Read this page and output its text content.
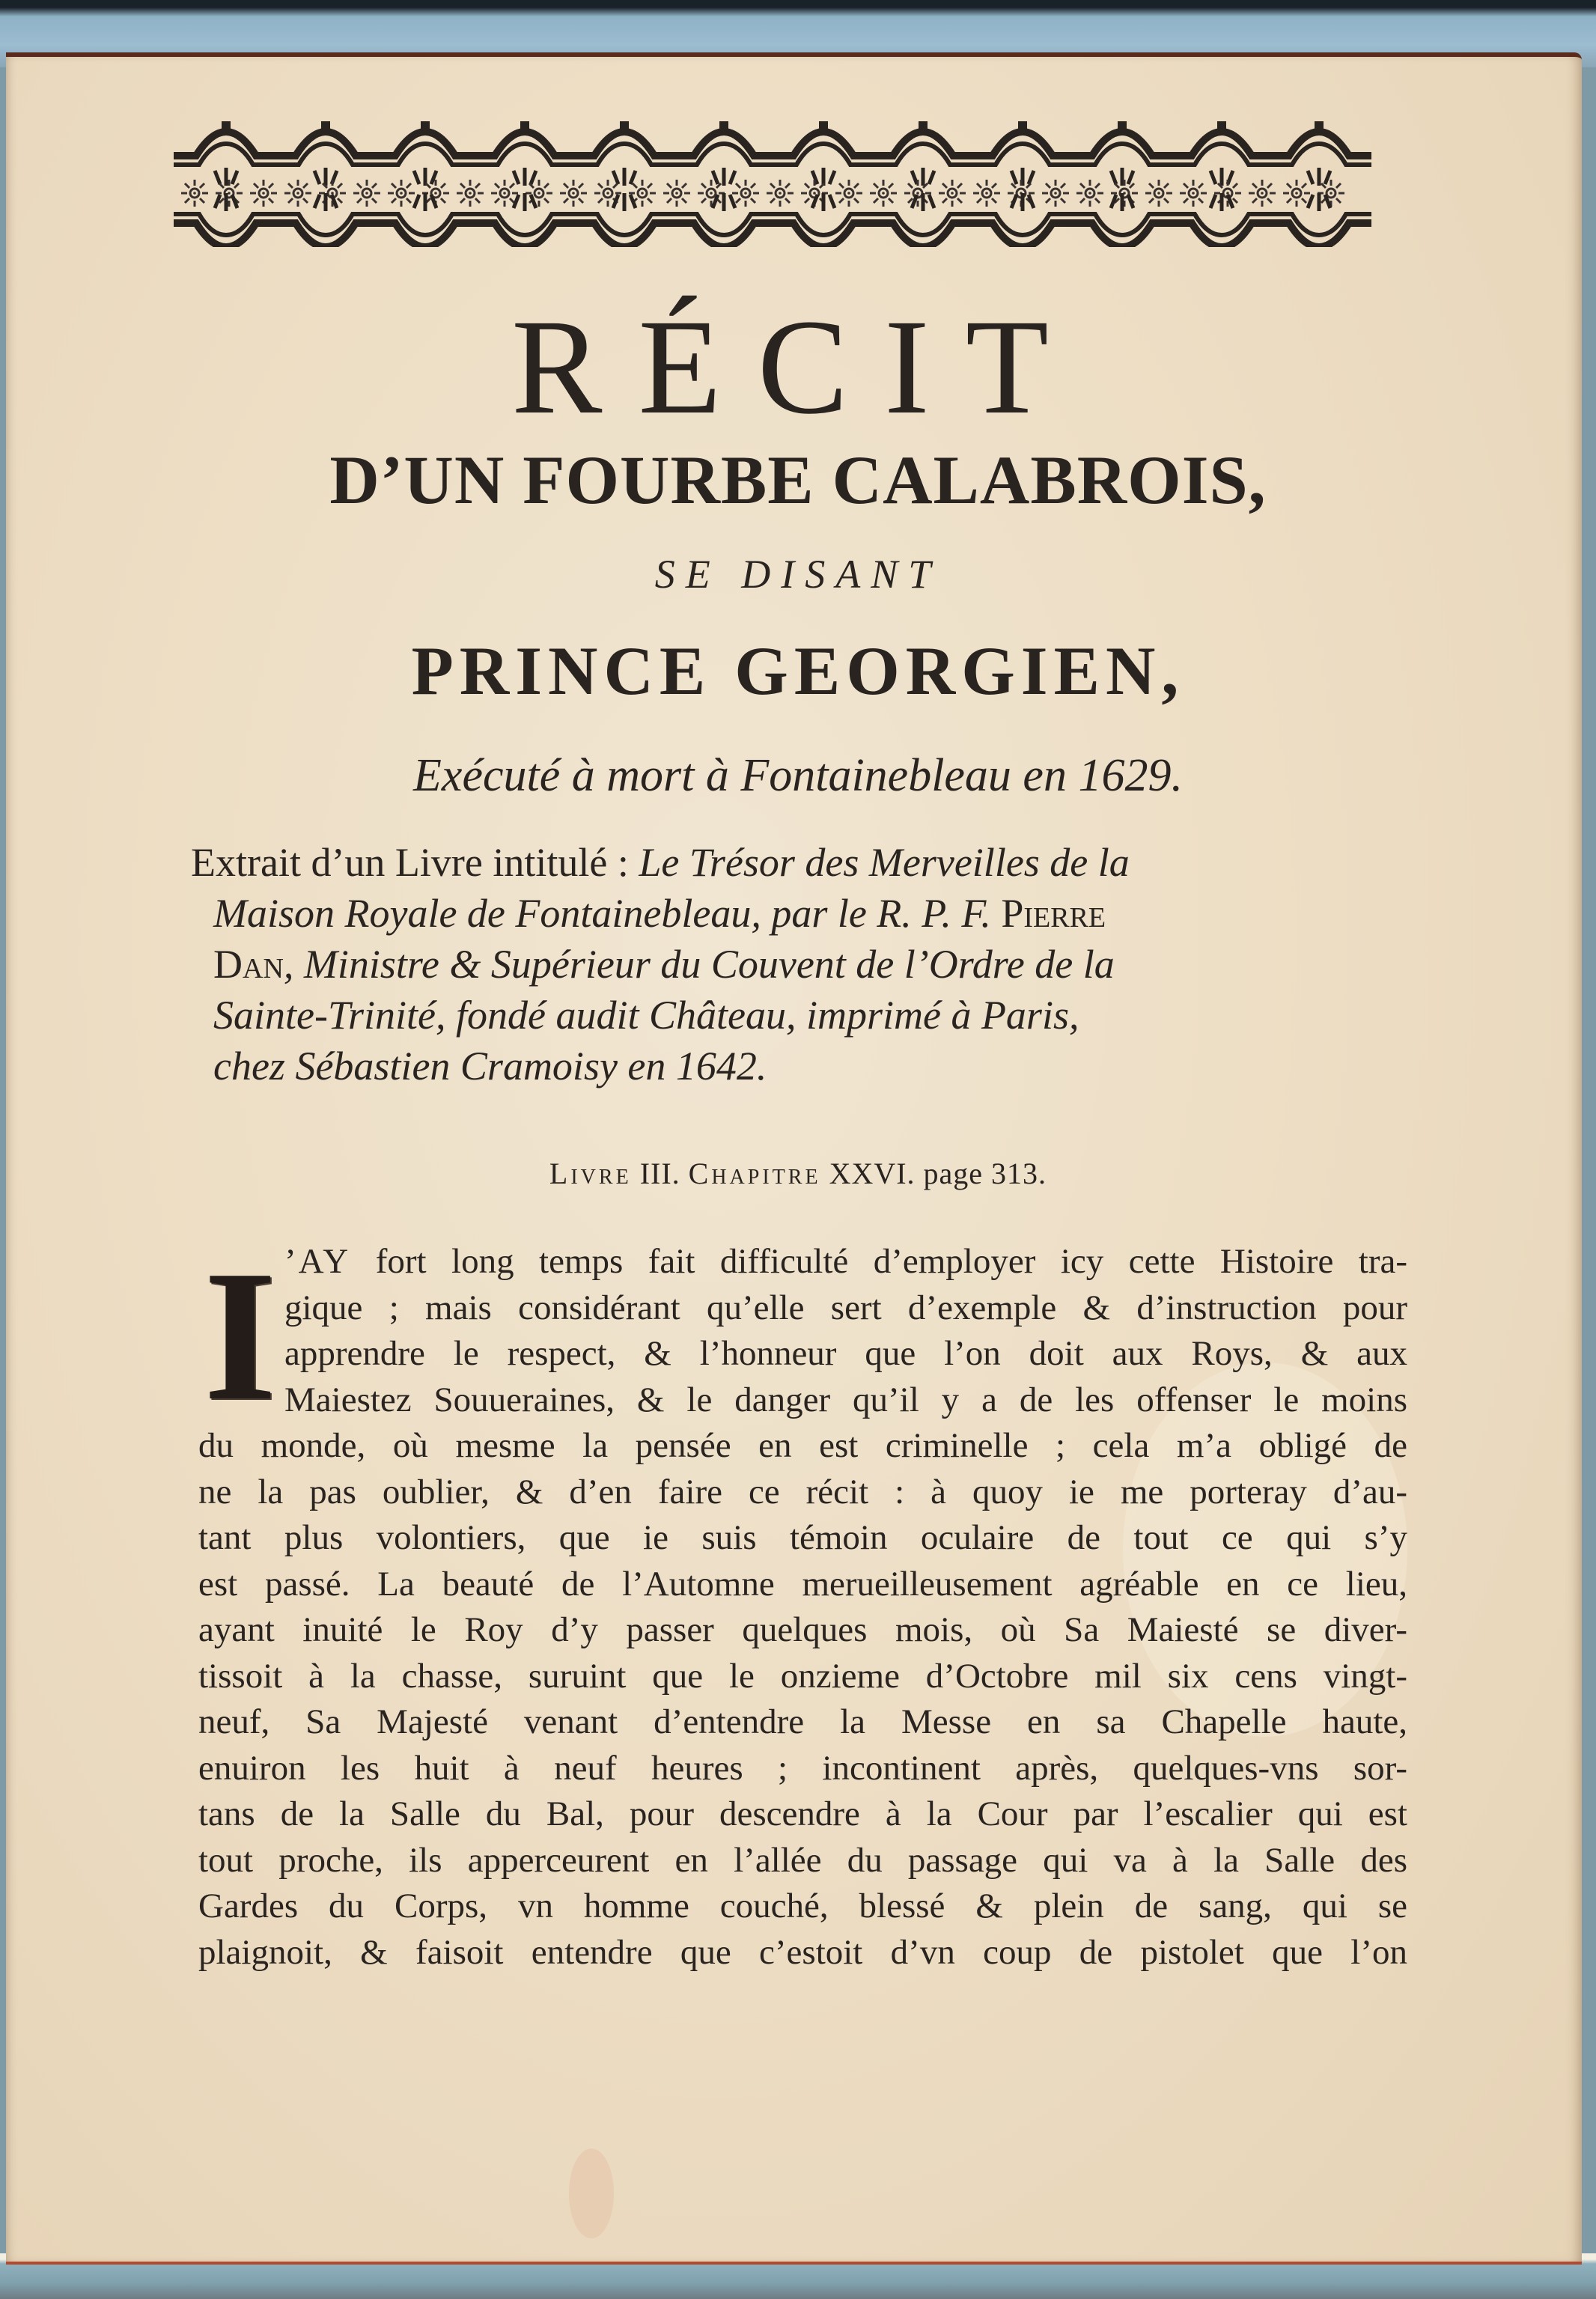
RÉCIT
D’UN FOURBE CALABROIS,
SE DISANT
PRINCE GEORGIEN,
Exécuté à mort à Fontainebleau en 1629.
Extrait d’un Livre intitulé : Le Trésor des Merveilles de la
Maison Royale de Fontainebleau, par le R. P. F. Pierre
Dan, Ministre & Supérieur du Couvent de l’Ordre de la
Sainte-Trinité, fondé audit Château, imprimé à Paris,
chez Sébastien Cramoisy en 1642.
Livre III. Chapitre XXVI. page 313.
I ’AY fort long temps fait difficulté d’employer icy cette Histoire tra-
gique ; mais considérant qu’elle sert d’exemple & d’instruction pour
apprendre le respect, & l’honneur que l’on doit aux Roys, & aux
Maiestez Souueraines, & le danger qu’il y a de les offenser le moins
du monde, où mesme la pensée en est criminelle ; cela m’a obligé de
ne la pas oublier, & d’en faire ce récit : à quoy ie me porteray d’au-
tant plus volontiers, que ie suis témoin oculaire de tout ce qui s’y
est passé. La beauté de l’Automne merueilleusement agréable en ce lieu,
ayant inuité le Roy d’y passer quelques mois, où Sa Maiesté se diver-
tissoit à la chasse, suruint que le onzieme d’Octobre mil six cens vingt-
neuf, Sa Majesté venant d’entendre la Messe en sa Chapelle haute,
enuiron les huit à neuf heures ; incontinent après, quelques-vns sor-
tans de la Salle du Bal, pour descendre à la Cour par l’escalier qui est
tout proche, ils apperceurent en l’allée du passage qui va à la Salle des
Gardes du Corps, vn homme couché, blessé & plein de sang, qui se
plaignoit, & faisoit entendre que c’estoit d’vn coup de pistolet que l’on
